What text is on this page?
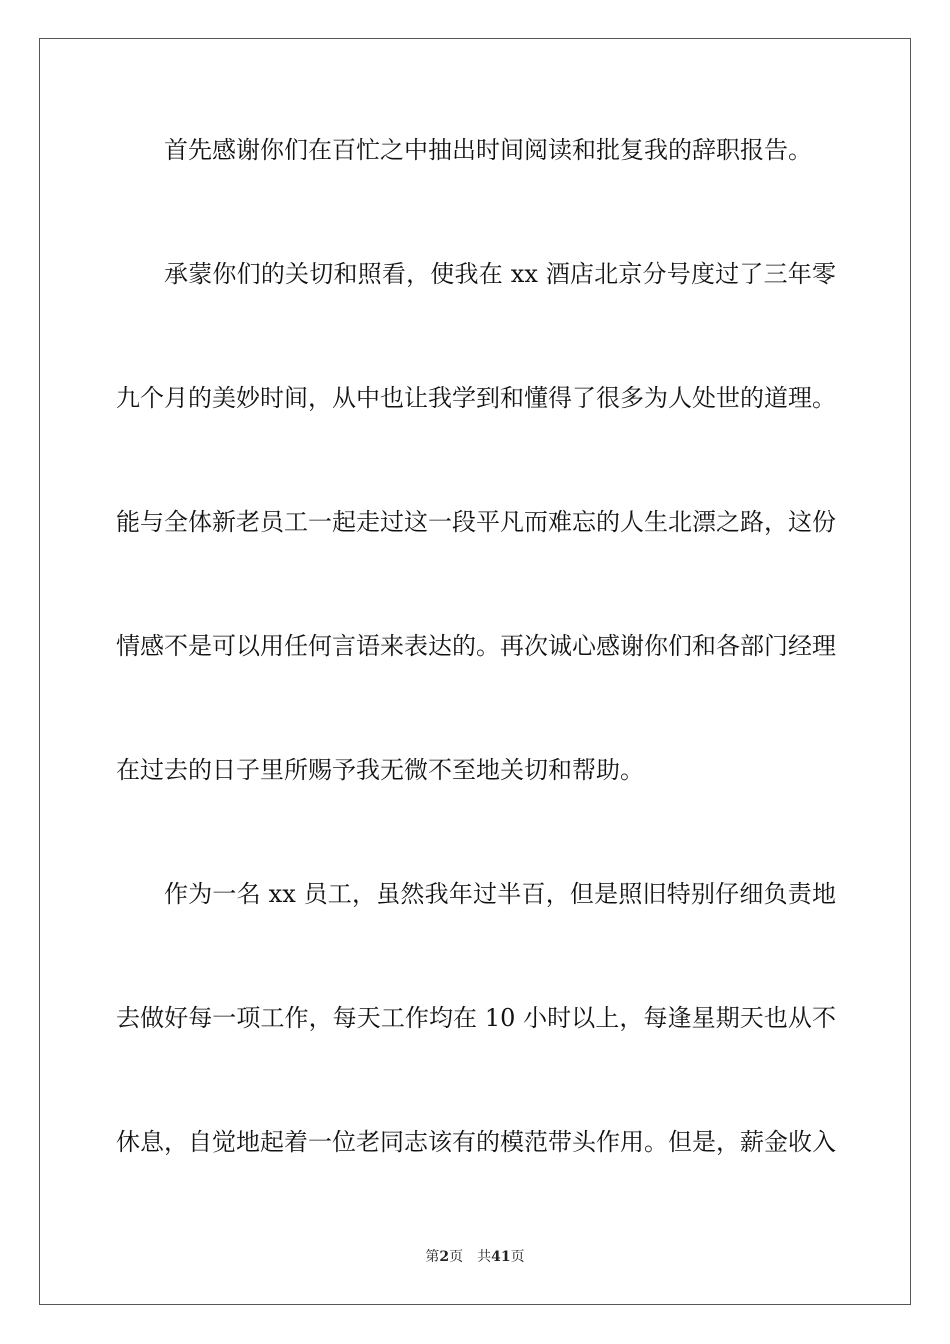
首先感谢你们在百忙之中抽出时间阅读和批复我的辞职报告。

承蒙你们的关切和照看，使我在 xx 酒店北京分号度过了三年零

九个月的美妙时间，从中也让我学到和懂得了很多为人处世的道理。

能与全体新老员工一起走过这一段平凡而难忘的人生北漂之路，这份

情感不是可以用任何言语来表达的。再次诚心感谢你们和各部门经理

在过去的日子里所赐予我无微不至地关切和帮助。

作为一名 xx 员工，虽然我年过半百，但是照旧特别仔细负责地

去做好每一项工作，每天工作均在 10 小时以上，每逢星期天也从不

休息，自觉地起着一位老同志该有的模范带头作用。但是，薪金收入

第2页 共41页
